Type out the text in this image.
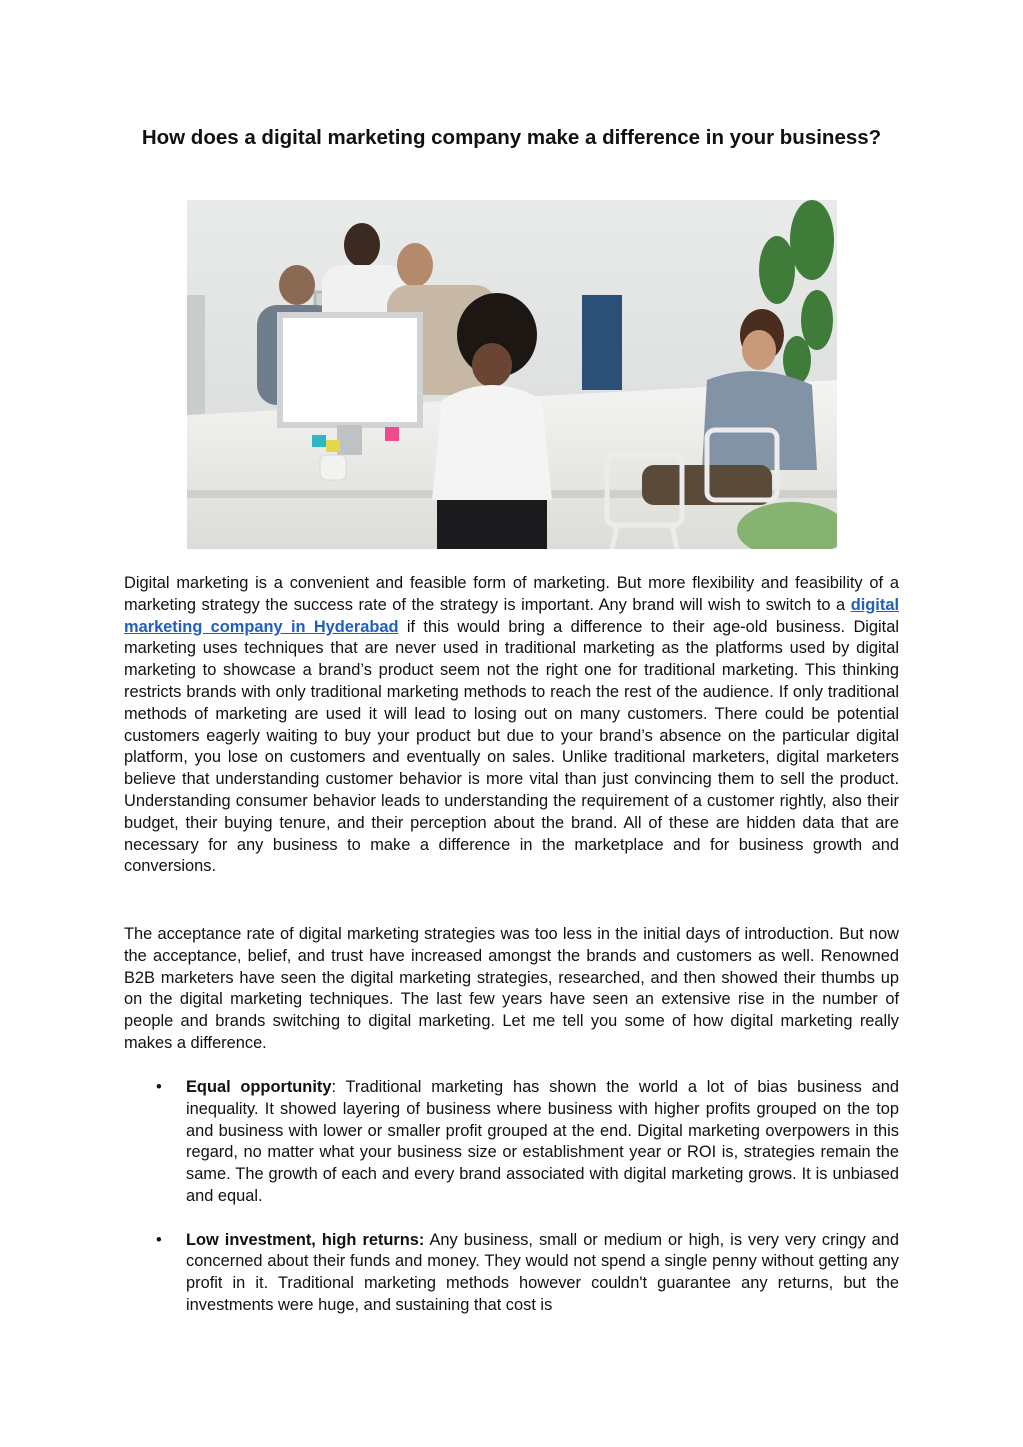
How does a digital marketing company make a difference in your business?
Digital marketing is a convenient and feasible form of marketing. But more flexibility and feasibility of a marketing strategy the success rate of the strategy is important. Any brand will wish to switch to a digital marketing company in Hyderabad if this would bring a difference to their age-old business. Digital marketing uses techniques that are never used in traditional marketing as the platforms used by digital marketing to showcase a brand’s product seem not the right one for traditional marketing. This thinking restricts brands with only traditional marketing methods to reach the rest of the audience. If only traditional methods of marketing are used it will lead to losing out on many customers. There could be potential customers eagerly waiting to buy your product but due to your brand’s absence on the particular digital platform, you lose on customers and eventually on sales. Unlike traditional marketers, digital marketers believe that understanding customer behavior is more vital than just convincing them to sell the product. Understanding consumer behavior leads to understanding the requirement of a customer rightly, also their budget, their buying tenure, and their perception about the brand. All of these are hidden data that are necessary for any business to make a difference in the marketplace and for business growth and conversions.
The acceptance rate of digital marketing strategies was too less in the initial days of introduction. But now the acceptance, belief, and trust have increased amongst the brands and customers as well. Renowned B2B marketers have seen the digital marketing strategies, researched, and then showed their thumbs up on the digital marketing techniques. The last few years have seen an extensive rise in the number of people and brands switching to digital marketing. Let me tell you some of how digital marketing really makes a difference.
• Equal opportunity: Traditional marketing has shown the world a lot of bias business and inequality. It showed layering of business where business with higher profits grouped on the top and business with lower or smaller profit grouped at the end. Digital marketing overpowers in this regard, no matter what your business size or establishment year or ROI is, strategies remain the same. The growth of each and every brand associated with digital marketing grows. It is unbiased and equal.
• Low investment, high returns: Any business, small or medium or high, is very very cringy and concerned about their funds and money. They would not spend a single penny without getting any profit in it. Traditional marketing methods however couldn't guarantee any returns, but the investments were huge, and sustaining that cost is
